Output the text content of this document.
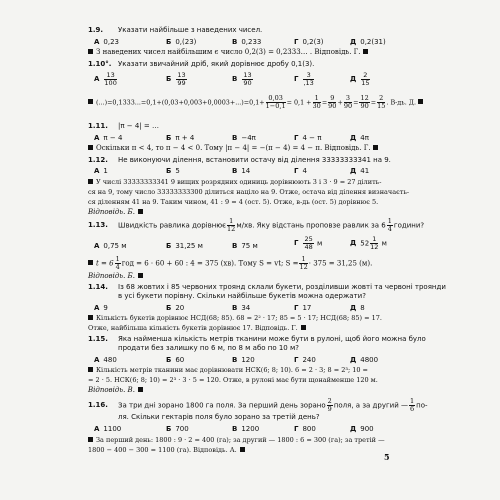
1.9. Указати найбільше з наведених чисел.
А 0,23	Б 0,(23)	В 0,233	Г 0,2(3)	Д 0,2(31)
З наведених чисел найбільшим є число 0,2(3) = 0,2333… . Відповідь. Г.
1.10°. Указати звичайний дріб, який дорівнює дробу 0,1(3).
А $\frac{13}{100}$	Б $\frac{13}{99}$	В $\frac{13}{90}$	Г $\frac{3}{,13}$	Д $\frac{2}{15}$
$(...)=0,1333...=0,1+(0,03+0,003+0,0003+...)=0,1+ \frac{0,03}{1-0,1} = 0,1 + \frac{1}{30} = \frac{9}{90} + \frac{3}{90} = \frac{12}{90} = \frac{2}{15}$ . В-дь. Д.
1.11. |π − 4| = …
А π − 4	Б π + 4	В −4π	Г 4 − π	Д 4π
Оскільки π < 4, то π − 4 < 0. Тому |π − 4| = −(π − 4) = 4 − π. Відповідь. Г.
1.12. Не виконуючи ділення, встановити остачу від ділення 33333333341 на 9.
А 1	Б 5	В 14	Г 4	Д 41
У числі 33333333341 9 вищих розрядних одиниць дорівнюють 3 і 3 · 9 = 27 ділить-
ся на 9, тому число 33333333300 ділиться націло на 9. Отже, остача від ділення визначаєть-
ся діленням 41 на 9. Таким чином, 41 : 9 = 4 (ост. 5). Отже, в-дь (ост. 5) дорівнює 5.
Відповідь. Б.
1.13. Швидкість равлика дорівнює $\frac{1}{12} м/хв$. Яку відстань проповзе равлик за $6 \frac{1}{4}$ години?
А 0,75 м	Б 31,25 м	В 75 м	Г $\frac{25}{48}$ м	Д $52 \frac{1}{12}$ м
$t = 6 \frac{1}{4}$ год = 6 · 60 + 60 : 4 = 375 (хв). Тому S = vt; $S = \frac{1}{12} \cdot 375 = 31,25$ (м).
Відповідь. Б.
1.14. Із 68 жовтих і 85 червоних троянд склали букети, розділивши жовті та червоні троянди
в усі букети порівну. Скільки найбільше букетів можна одержати?
А 9	Б 20	В 34	Г 17	Д 8
Кількість букетів дорівнює НСД(68; 85). 68 = 2² · 17; 85 = 5 · 17; НСД(68; 85) = 17.
Отже, найбільша кількість букетів дорівнює 17. Відповідь. Г.
1.15. Яка найменша кількість метрів тканини може бути в рулоні, щоб його можна було
продати без залишку по 6 м, по 8 м або по 10 м?
А 480	Б 60	В 120	Г 240	Д 4800
Кількість метрів тканини має дорівнювати НСК(6; 8; 10). 6 = 2 · 3; 8 = 2³; 10 =
= 2 · 5. НСК(6; 8; 10) = 2³ · 3 · 5 = 120. Отже, в рулоні має бути щонайменше 120 м.
Відповідь. В.
1.16. За три дні зорано 1800 га поля. За перший день зорано $\frac{2}{9}$ поля, а за другий — $\frac{1}{6} по-$
ля. Скільки гектарів поля було зорано за третій день?
А 1100	Б 700	В 1200	Г 800	Д 900
За перший день: 1800 : 9 · 2 = 400 (га); за другий — 1800 : 6 = 300 (га); за третій —
1800 − 400 − 300 = 1100 (га). Відповідь. А.
5
